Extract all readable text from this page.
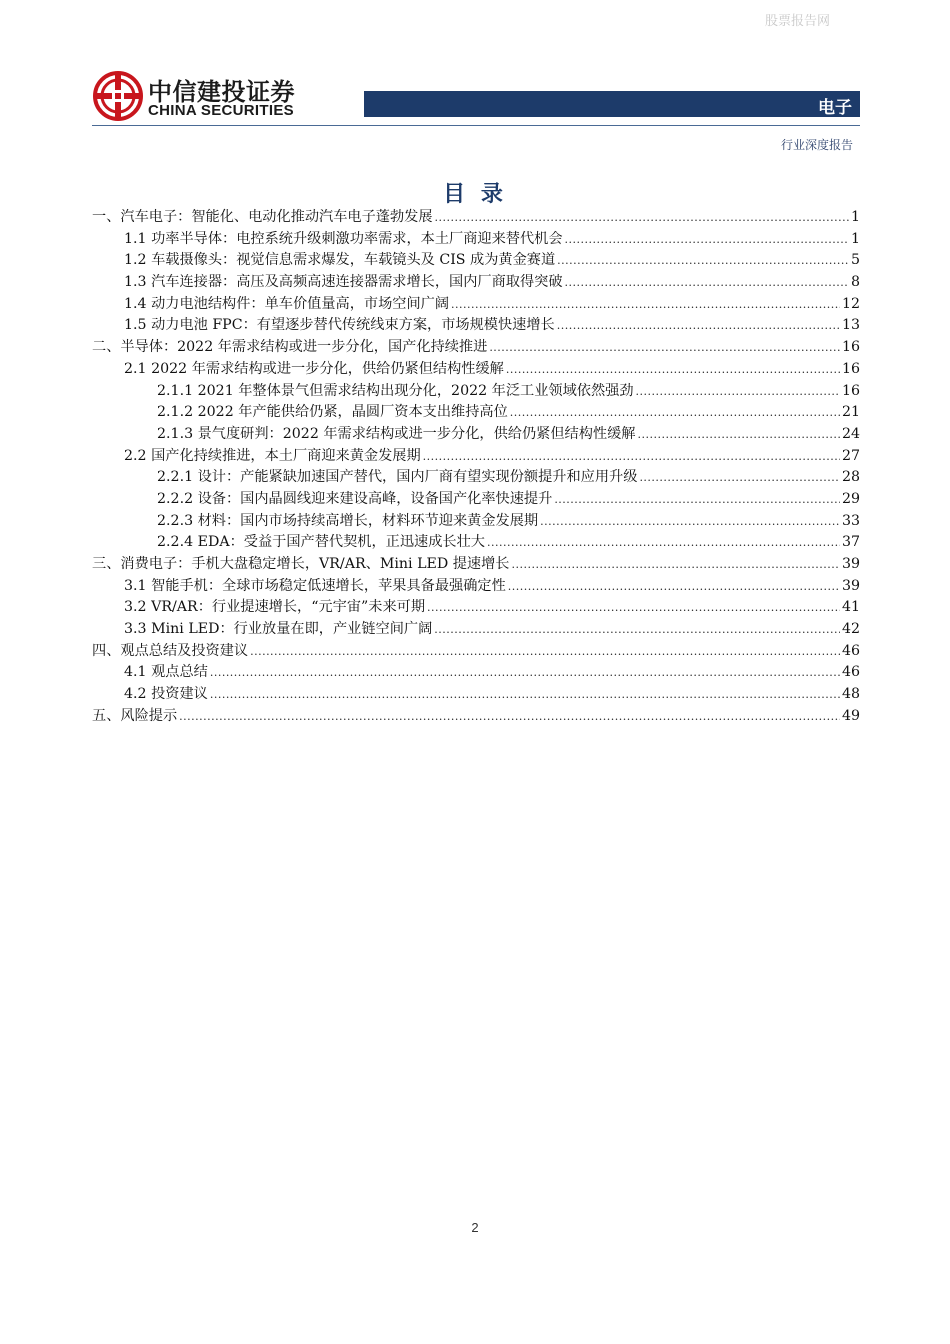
股票报告网
中信建投证券
CHINA SECURITIES	电子
行业深度报告
目 录
一、汽车电子：智能化、电动化推动汽车电子蓬勃发展 .....	1
1.1 功率半导体：电控系统升级刺激功率需求，本土厂商迎来替代机会 .....	1
1.2 车载摄像头：视觉信息需求爆发，车载镜头及 CIS 成为黄金赛道 .....	5
1.3 汽车连接器：高压及高频高速连接器需求增长，国内厂商取得突破 .....	8
1.4 动力电池结构件：单车价值量高，市场空间广阔 .....	12
1.5 动力电池 FPC：有望逐步替代传统线束方案，市场规模快速增长 .....	13
二、半导体：2022 年需求结构或进一步分化，国产化持续推进 .....	16
2.1 2022 年需求结构或进一步分化，供给仍紧但结构性缓解 .....	16
2.1.1 2021 年整体景气但需求结构出现分化，2022 年泛工业领域依然强劲 .....	16
2.1.2 2022 年产能供给仍紧，晶圆厂资本支出维持高位 .....	21
2.1.3 景气度研判：2022 年需求结构或进一步分化，供给仍紧但结构性缓解 .....	24
2.2 国产化持续推进，本土厂商迎来黄金发展期 .....	27
2.2.1 设计：产能紧缺加速国产替代，国内厂商有望实现份额提升和应用升级 .....	28
2.2.2 设备：国内晶圆线迎来建设高峰，设备国产化率快速提升 .....	29
2.2.3 材料：国内市场持续高增长，材料环节迎来黄金发展期 .....	33
2.2.4 EDA：受益于国产替代契机，正迅速成长壮大 .....	37
三、消费电子：手机大盘稳定增长，VR/AR、Mini LED 提速增长 .....	39
3.1 智能手机：全球市场稳定低速增长，苹果具备最强确定性 .....	39
3.2 VR/AR：行业提速增长，“元宇宙”未来可期 .....	41
3.3 Mini LED：行业放量在即，产业链空间广阔 .....	42
四、观点总结及投资建议 .....	46
4.1 观点总结 .....	46
4.2 投资建议 .....	48
五、风险提示 .....	49
2
